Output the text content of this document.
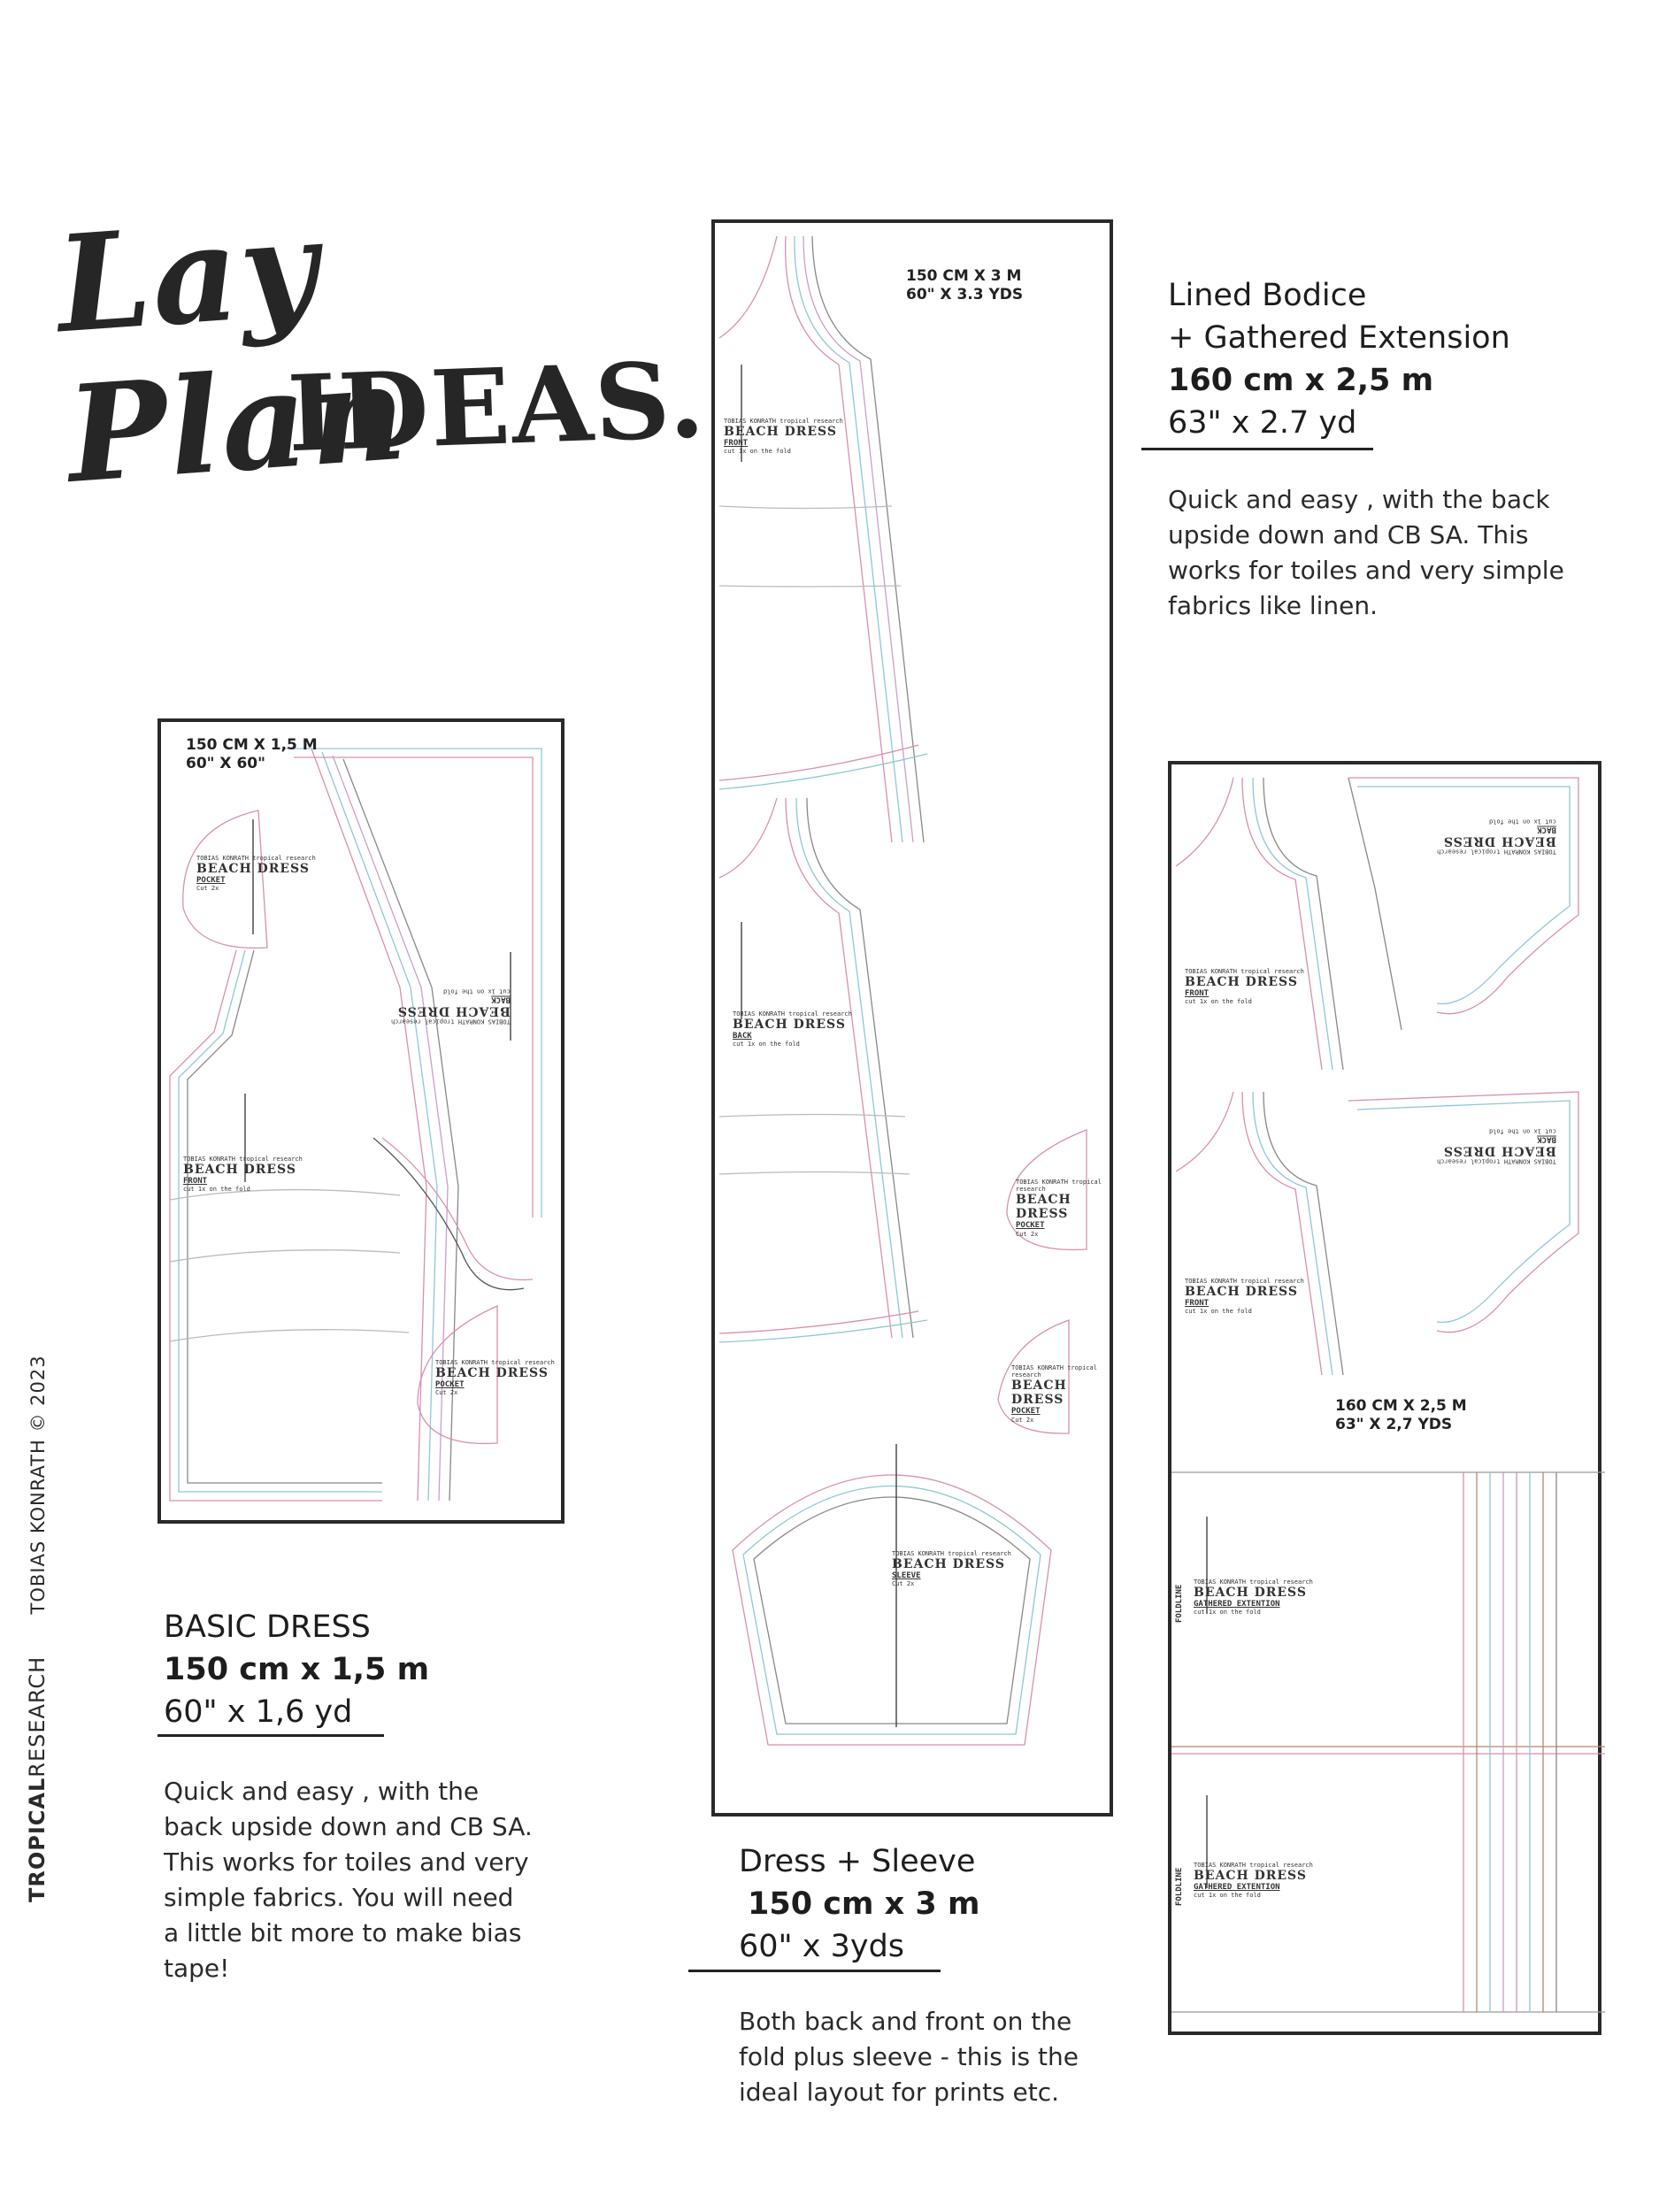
Lay Plan
IDEAS.
TROPICALRESEARCH  TOBIAS KONRATH © 2023
150 CM X 1,5 M
60" X 60"
TOBIAS KONRATH tropical research
BEACH DRESS
POCKET
Cut 2x
TOBIAS KONRATH tropical research
BEACH DRESS
FRONT
cut 1x on the fold
TOBIAS KONRATH tropical research
BEACH DRESS
BACK
cut 1x on the fold
TOBIAS KONRATH tropical research
BEACH DRESS
POCKET
Cut 2x
150 CM X 3 M
60" X 3.3 YDS
TOBIAS KONRATH tropical research
BEACH DRESS
FRONT
cut 1x on the fold
TOBIAS KONRATH tropical research
BEACH DRESS
BACK
cut 1x on the fold
TOBIAS KONRATH tropical research
BEACH DRESS
POCKET
Cut 2x
TOBIAS KONRATH tropical research
BEACH DRESS
POCKET
Cut 2x
TOBIAS KONRATH tropical research
BEACH DRESS
SLEEVE
Cut 2x
160 CM X 2,5 M
63" X 2,7 YDS
TOBIAS KONRATH tropical research
BEACH DRESS
FRONT
cut 1x on the fold
TOBIAS KONRATH tropical research
BEACH DRESS
BACK
cut 1x on the fold
TOBIAS KONRATH tropical research
BEACH DRESS
FRONT
cut 1x on the fold
TOBIAS KONRATH tropical research
BEACH DRESS
BACK
cut 1x on the fold
TOBIAS KONRATH tropical research
BEACH DRESS
GATHERED EXTENTION
cut 1x on the fold
TOBIAS KONRATH tropical research
BEACH DRESS
GATHERED EXTENTION
cut 1x on the fold
FOLDLINE
FOLDLINE
BASIC DRESS
150 cm x 1,5 m
60" x 1,6 yd
Quick and easy , with the back upside down and CB SA. This works for toiles and very simple fabrics. You will need a little bit more to make bias tape!
Dress + Sleeve
150 cm x 3 m
60" x 3yds
Both back and front on the fold plus sleeve - this is the ideal layout for prints etc.
Lined Bodice
+ Gathered Extension
160 cm x 2,5 m
63" x 2.7 yd
Quick and easy , with the back upside down and CB SA. This works for toiles and very simple fabrics like linen.
